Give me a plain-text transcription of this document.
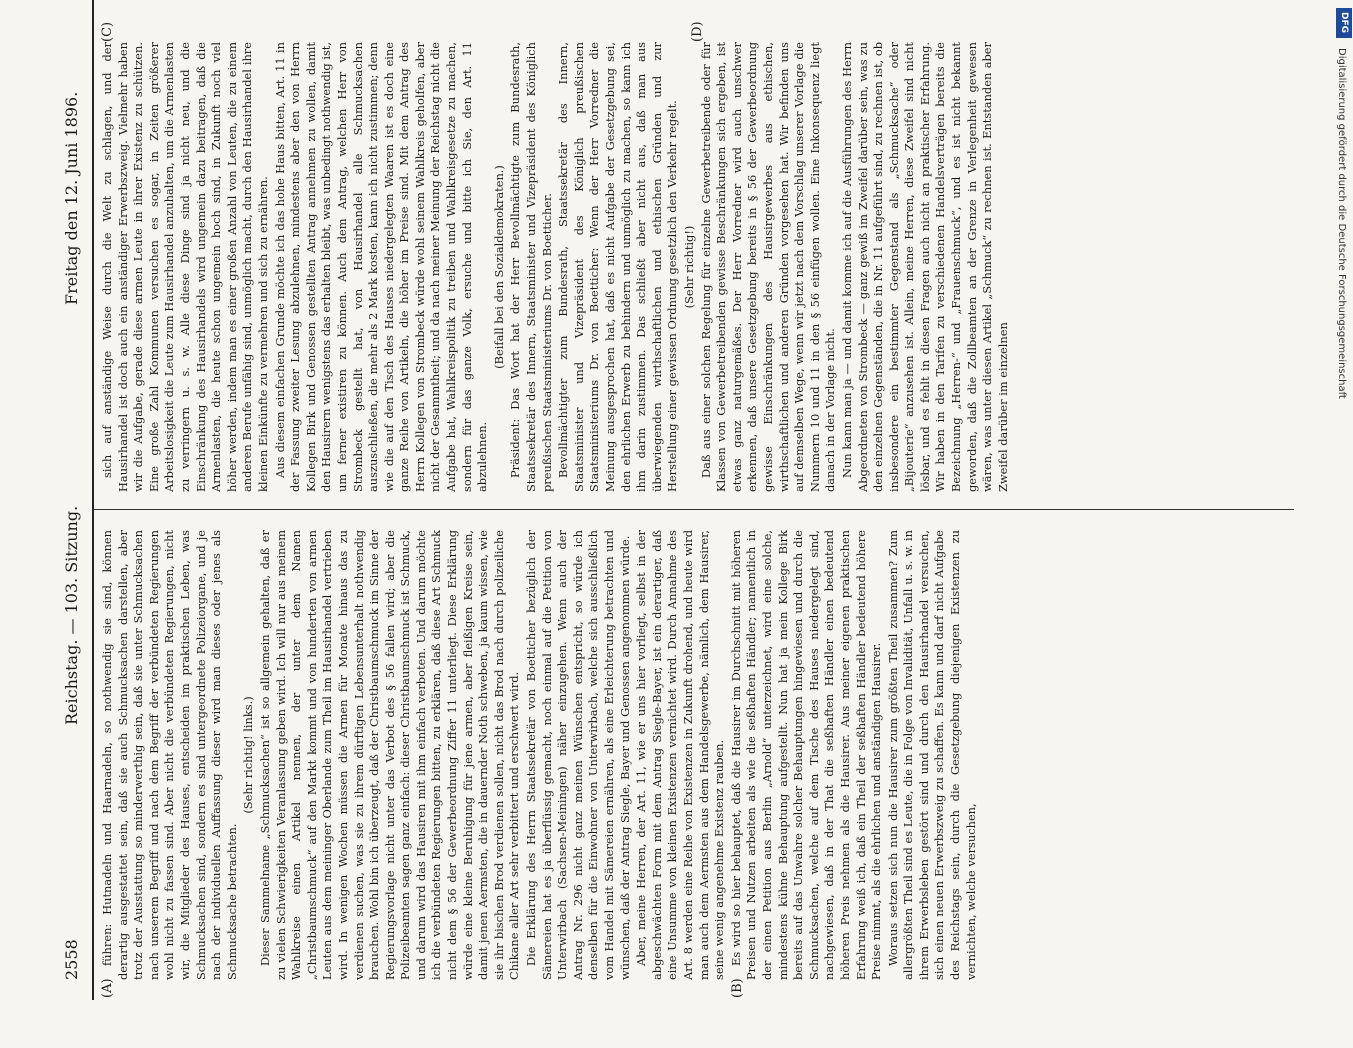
2558
Reichstag. — 103. Sitzung.
Freitag den 12. Juni 1896.
(A)	(B)
(C)	(D)

führen: Hutnadeln und Haarnadeln, so nothwendig sie sind, können derartig ausgestattet sein, daß sie auch Schmucksachen darstellen, aber trotz der Ausstattung so minderwerthig sein, daß sie unter Schmucksachen nach unserem Begriff und nach dem Begriff der verbündeten Regierungen wohl nicht zu fassen sind. Aber nicht die verbündeten Regierungen, nicht wir, die Mitglieder des Hauses, entscheiden im praktischen Leben, was Schmucksachen sind, sondern es sind untergeordnete Polizeiorgane, und je nach der individuellen Auffassung dieser wird man dieses oder jenes als Schmucksache betrachten.

(Sehr richtig! links.) Dieser Sammelname „Schmucksachen“ ist so allgemein gehalten, daß er zu vielen Schwierigkeiten Veranlassung geben wird. Ich will nur aus meinem Wahlkreise einen Artikel nennen, der unter dem Namen „Christbaumschmuck“ auf den Markt kommt und von hunderten von armen Leuten aus dem meininger Oberlande zum Theil im Hausirhandel vertrieben wird. In wenigen Wochen müssen die Armen für Monate hinaus das zu verdienen suchen, was sie zu ihrem dürftigen Lebensunterhalt nothwendig brauchen. Wohl bin ich überzeugt, daß der Christbaumschmuck im Sinne der Regierungsvorlage nicht unter das Verbot des § 56 fallen wird; aber die Polizeibeamten sagen ganz einfach: dieser Christbaumschmuck ist Schmuck, und darum wird das Hausiren mit ihm einfach verboten. Und darum möchte ich die verbündeten Regierungen bitten, zu erklären, daß diese Art Schmuck nicht dem § 56 der Gewerbeordnung Ziffer 11 unterliegt. Diese Erklärung würde eine kleine Beruhigung für jene armen, aber fleißigen Kreise sein, damit jenen Aermsten, die in dauernder Noth schweben, ja kaum wissen, wie sie ihr bischen Brod verdienen sollen, nicht das Brod nach durch polizeiliche Chikane aller Art sehr verbittert und erschwert wird. Die Erklärung des Herrn Staatssekretär von Boetticher bezüglich der Sämereien hat es ja überflüssig gemacht, noch einmal auf die Petition von Unterwirbach (Sachsen-Meiningen) näher einzugehen. Wenn auch der Antrag Nr. 296 nicht ganz meinen Wünschen entspricht, so würde ich denselben für die Einwohner von Unterwirbach, welche sich ausschließlich vom Handel mit Sämereien ernähren, als eine Erleichterung betrachten und wünschen, daß der Antrag Siegle, Bayer und Genossen angenommen würde. Aber, meine Herren, der Art. 11, wie er uns hier vorliegt, selbst in der abgeschwächten Form mit dem Antrag Siegle-Bayer, ist ein derartiger, daß eine Unsumme von kleinen Existenzen vernichtet wird. Durch Annahme des Art. 8 werden eine Reihe von Existenzen in Zukunft drohend, und heute wird man auch dem Aermsten aus dem Handelsgewerbe, nämlich, dem Hausirer, seine wenig angenehme Existenz rauben. Es wird so hier behauptet, daß die Hausirer im Durchschnitt mit höheren Preisen und Nutzen arbeiten als wie die seßhaften Händler; namentlich in der einen Petition aus Berlin „Arnold“ unterzeichnet, wird eine solche, mindestens kühne Behauptung aufgestellt. Nun hat ja mein Kollege Birk bereits auf das Unwahre solcher Behauptungen hingewiesen und durch die Schmucksachen, welche auf dem Tische des Hauses niedergelegt sind, nachgewiesen, daß in der That die seßhaften Händler einen bedeutend höheren Preis nehmen als die Hausirer. Aus meiner eigenen praktischen Erfahrung weiß ich, daß ein Theil der seßhaften Händler bedeutend höhere Preise nimmt, als die ehrlichen und anständigen Hausirer. Woraus setzen sich nun die Hausirer zum größten Theil zusammen? Zum allergrößten Theil sind es Leute, die in Folge von Invalidität, Unfall u. s. w. in ihrem Erwerbsleben gestört sind und durch den Hausirhandel versuchen, sich einen neuen Erwerbszweig zu schaffen. Es kann und darf nicht Aufgabe des Reichstags sein, durch die Gesetzgebung diejenigen Existenzen zu vernichten, welche versuchen,

sich auf anständige Weise durch die Welt zu schlagen, und der Hausirhandel ist doch auch ein anständiger Erwerbszweig. Vielmehr haben wir die Aufgabe, gerade diese armen Leute in ihrer Existenz zu schützen. Eine große Zahl Kommunen versuchen es sogar, in Zeiten größerer Arbeitslosigkeit die Leute zum Hausirhandel anzuhalten, um die Armenlasten zu verringern u. s. w. Alle diese Dinge sind ja nicht neu, und die Einschränkung des Hausirhandels wird ungemein dazu beitragen, daß die Armenlasten, die heute schon ungemein hoch sind, in Zukunft noch viel höher werden, indem man es einer großen Anzahl von Leuten, die zu einem anderen Berufe unfähig sind, unmöglich macht, durch den Hausirhandel ihre kleinen Einkünfte zu vermehren und sich zu ernähren. Aus diesem einfachen Grunde möchte ich das hohe Haus bitten, Art. 11 in der Fassung zweiter Lesung abzulehnen, mindestens aber den von Herrn Kollegen Birk und Genossen gestellten Antrag annehmen zu wollen, damit den Hausirern wenigstens das erhalten bleibt, was unbedingt nothwendig ist, um ferner existiren zu können. Auch dem Antrag, welchen Herr von Strombeck gestellt hat, von Hausirhandel alle Schmucksachen auszuschließen, die mehr als 2 Mark kosten, kann ich nicht zustimmen; denn wie die auf den Tisch des Hauses niedergelegten Waaren ist es doch eine ganze Reihe von Artikeln, die höher im Preise sind. Mit dem Antrag des Herrn Kollegen von Strombeck würde wohl seinem Wahlkreis geholfen, aber nicht der Gesammtheit; und da nach meiner Meinung der Reichstag nicht die Aufgabe hat, Wahlkreispolitik zu treiben und Wahlkreisgesetze zu machen, sondern für das ganze Volk, ersuche und bitte ich Sie, den Art. 11 abzulehnen.

(Beifall bei den Sozialdemokraten.) Präsident: Das Wort hat der Herr Bevollmächtigte zum Bundesrath, Staatssekretär des Innern, Staatsminister und Vizepräsident des Königlich preußischen Staatsministeriums Dr. von Boetticher. Bevollmächtigter zum Bundesrath, Staatssekretär des Innern, Staatsminister und Vizepräsident des Königlich preußischen Staatsministeriums Dr. von Boetticher: Wenn der Herr Vorredner die Meinung ausgesprochen hat, daß es nicht Aufgabe der Gesetzgebung sei, den ehrlichen Erwerb zu behindern und unmöglich zu machen, so kann ich ihm darin zustimmen. Das schließt aber nicht aus, daß man aus überwiegenden wirthschaftlichen und ethischen Gründen und zur Herstellung einer gewissen Ordnung gesetzlich den Verkehr regelt. (Sehr richtig!) Daß aus einer solchen Regelung für einzelne Gewerbetreibende oder für Klassen von Gewerbetreibenden gewisse Beschränkungen sich ergeben, ist etwas ganz naturgemäßes. Der Herr Vorredner wird auch unschwer erkennen, daß unsere Gesetzgebung bereits in § 56 der Gewerbeordnung gewisse Einschränkungen des Hausirgewerbes aus ethischen, wirthschaftlichen und anderen Gründen vorgesehen hat. Wir befinden uns auf demselben Wege, wenn wir jetzt nach dem Vorschlag unserer Vorlage die Nummern 10 und 11 in den § 56 einfügen wollen. Eine Inkonsequenz liegt danach in der Vorlage nicht. Nun kann man ja — und damit komme ich auf die Ausführungen des Herrn Abgeordneten von Strombeck — ganz gewiß im Zweifel darüber sein, was zu den einzelnen Gegenständen, die in Nr. 11 aufgeführt sind, zu rechnen ist, ob insbesondere ein bestimmter Gegenstand als „Schmucksache“ oder „Bijouterie“ anzusehen ist. Allein, meine Herren, diese Zweifel sind nicht lösbar, und es fehlt in diesen Fragen auch nicht an praktischer Erfahrung. Wir haben in den Tarifen zu verschiedenen Handelsverträgen bereits die Bezeichnung „Herren-“ und „Frauenschmuck“, und es ist nicht bekannt geworden, daß die Zollbeamten an der Grenze in Verlegenheit gewesen wären, was unter diesen Artikel „Schmuck“ zu rechnen ist. Entstanden aber Zweifel darüber im einzelnen

DFG
Digitalisierung gefördert durch die Deutsche Forschungsgemeinschaft
